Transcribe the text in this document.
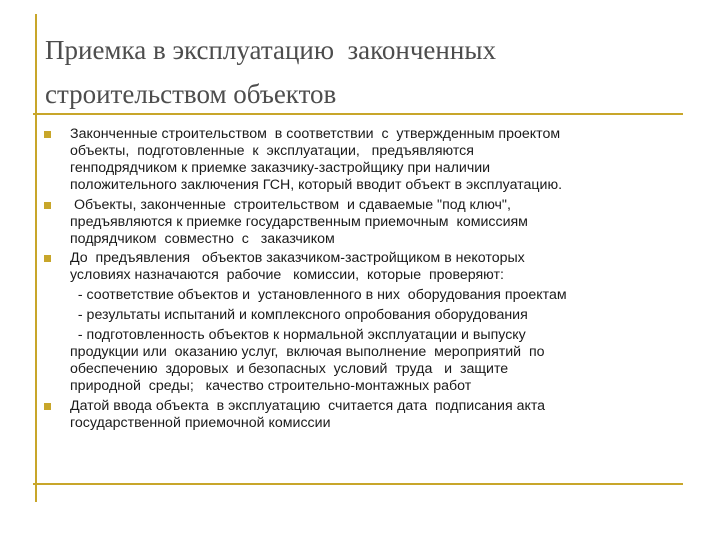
Приемка в эксплуатацию  законченных
строительством объектов
Законченные строительством  в соответствии  с  утвержденным проектом
объекты,  подготовленные  к  эксплуатации,   предъявляются
генподрядчиком к приемке заказчику-застройщику при наличии
положительного заключения ГСН, который вводит объект в эксплуатацию.
Объекты, законченные  строительством  и сдаваемые "под ключ",
предъявляются к приемке государственным приемочным  комиссиям
подрядчиком  совместно  с   заказчиком
До  предъявления   объектов заказчиком-застройщиком в некоторых
условиях назначаются  рабочие   комиссии,  которые  проверяют:
- соответствие объектов и  установленного в них  оборудования проектам
- результаты испытаний и комплексного опробования оборудования
- подготовленность объектов к нормальной эксплуатации и выпуску
продукции или  оказанию услуг,  включая выполнение  мероприятий  по
обеспечению  здоровых  и безопасных  условий  труда   и  защите
природной  среды;   качество строительно-монтажных работ
Датой ввода объекта  в эксплуатацию  считается дата  подписания акта
государственной приемочной комиссии
